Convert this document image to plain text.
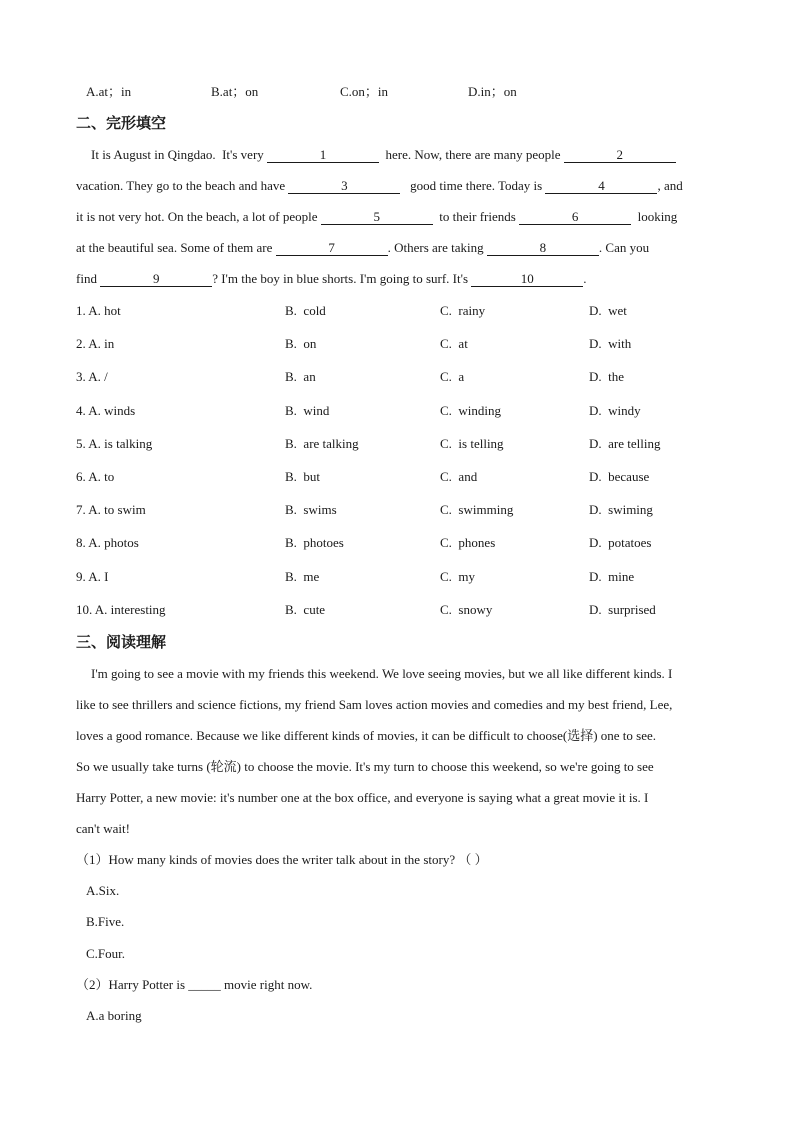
A.at；in	B.at；on	C.on；in	D.in；on
二、完形填空
It is August in Qingdao.  It's very	1	here. Now, there are many people	2
vacation. They go to the beach and have	3	good time there. Today is	4	, and
it is not very hot. On the beach, a lot of people	5	to their friends	6	looking
at the beautiful sea. Some of them are	7	. Others are taking	8	. Can you
find	9	? I'm the boy in blue shorts. I'm going to surf. It's	10	.
1. A. hot	B.  cold	C.  rainy	D.  wet
2. A. in	B.  on	C.  at	D.  with
3. A. /	B.  an	C.  a	D.  the
4. A. winds	B.  wind	C.  winding	D.  windy
5. A. is talking	B.  are talking	C.  is telling	D.  are telling
6. A. to	B.  but	C.  and	D.  because
7. A. to swim	B.  swims	C.  swimming	D.  swiming
8. A. photos	B.  photoes	C.  phones	D.  potatoes
9. A. I	B.  me	C.  my	D.  mine
10. A. interesting	B.  cute	C.  snowy	D.  surprised
三、阅读理解
I'm going to see a movie with my friends this weekend. We love seeing movies, but we all like different kinds. I
like to see thrillers and science fictions, my friend Sam loves action movies and comedies and my best friend, Lee,
loves a good romance. Because we like different kinds of movies, it can be difficult to choose(选择) one to see.
So we usually take turns (轮流) to choose the movie. It's my turn to choose this weekend, so we're going to see
Harry Potter, a new movie: it's number one at the box office, and everyone is saying what a great movie it is. I
can't wait!
（1）How many kinds of movies does the writer talk about in the story? （ ）
A.Six.
B.Five.
C.Four.
（2）Harry Potter is _____ movie right now.
A.a boring
